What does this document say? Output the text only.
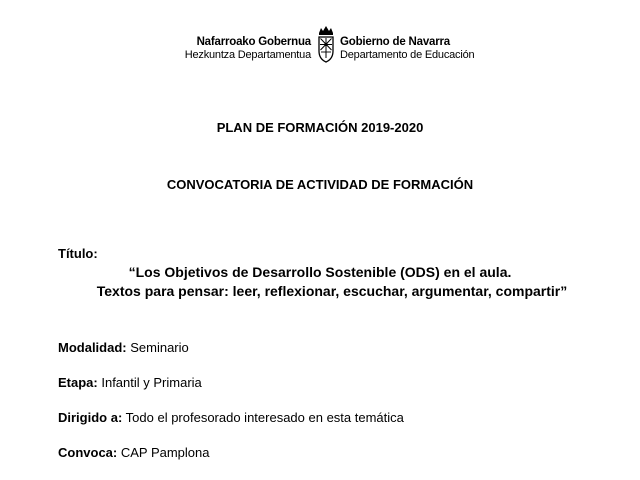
Nafarroako Gobernua
Hezkuntza Departamentua
Gobierno de Navarra
Departamento de Educación
PLAN DE FORMACIÓN 2019-2020
CONVOCATORIA DE ACTIVIDAD DE FORMACIÓN
Título:
“Los Objetivos de Desarrollo Sostenible (ODS) en el aula.
Textos para pensar: leer, reflexionar, escuchar, argumentar, compartir”
Modalidad: Seminario
Etapa: Infantil y Primaria
Dirigido a: Todo el profesorado interesado en esta temática
Convoca: CAP Pamplona
